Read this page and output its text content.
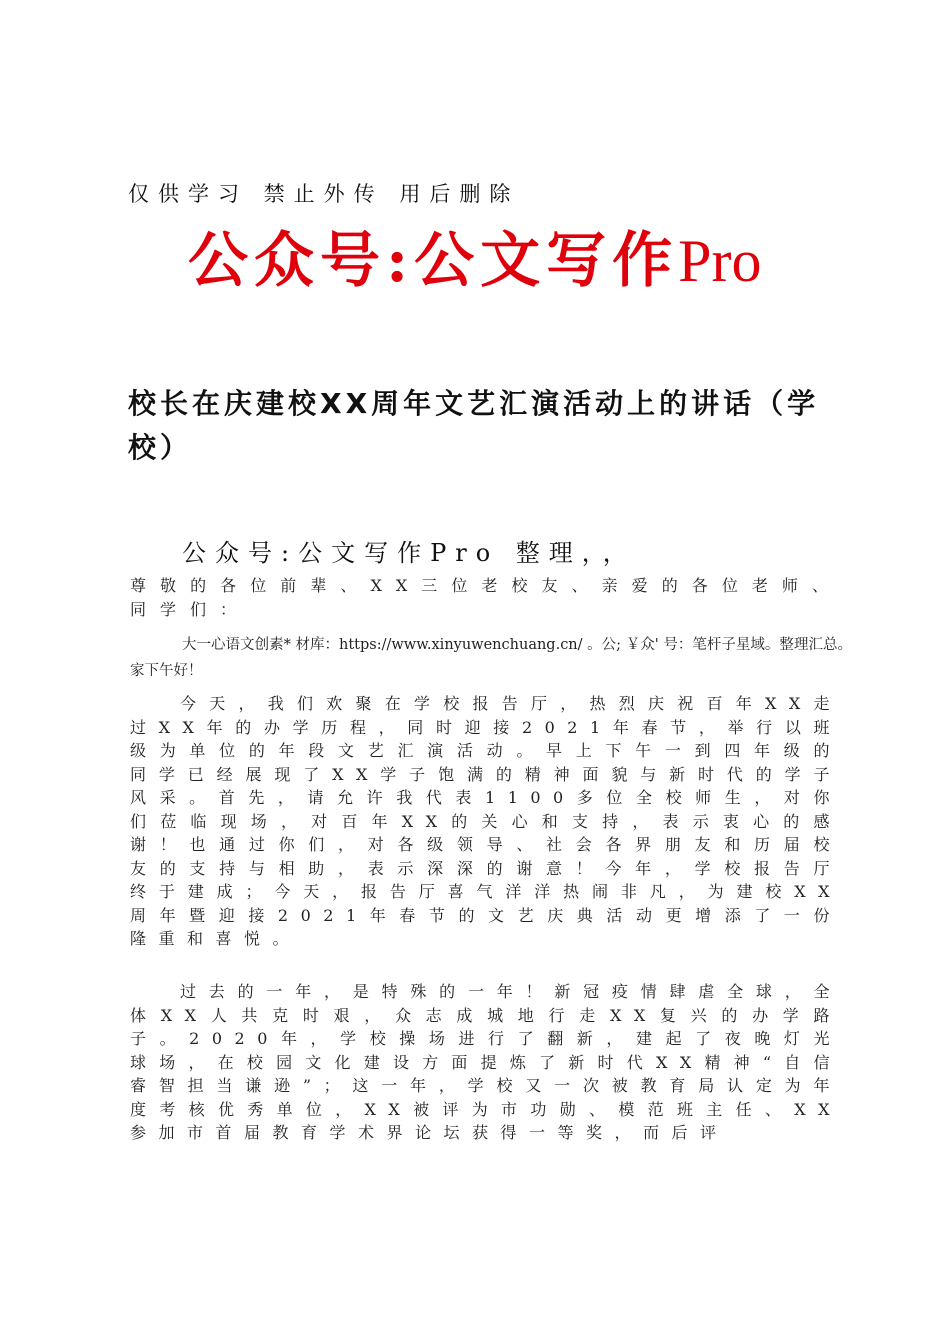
仅供学习 禁止外传 用后删除
公众号:公文写作Pro
校长在庆建校XX周年文艺汇演活动上的讲话（学校）
公众号:公文写作Pro 整理，，
尊敬的各位前辈、XX三位老校友、亲爱的各位老师、同学们：
大一心语文创素* 材库：https://www.xinyuwenchuang.cn/ 。公; ￥众' 号：笔杆子星域。整理汇总。家下午好！
今天，我们欢聚在学校报告厅，热烈庆祝百年XX走过XX年的办学历程，同时迎接2021年春节，举行以班级为单位的年段文艺汇演活动。早上下午一到四年级的同学已经展现了XX学子饱满的精神面貌与新时代的学子风采。首先，请允许我代表1100多位全校师生，对你们莅临现场，对百年XX的关心和支持，表示衷心的感谢！也通过你们，对各级领导、社会各界朋友和历届校友的支持与相助，表示深深的谢意！今年，学校报告厅终于建成；今天，报告厅喜气洋洋热闹非凡，为建校XX周年暨迎接2021年春节的文艺庆典活动更增添了一份隆重和喜悦。
过去的一年，是特殊的一年！新冠疫情肆虐全球，全体XX人共克时艰，众志成城地行走XX复兴的办学路子。2020年，学校操场进行了翻新，建起了夜晚灯光球场，在校园文化建设方面提炼了新时代XX精神“自信睿智担当谦逊”；这一年，学校又一次被教育局认定为年度考核优秀单位，XX被评为市功勋、模范班主任、XX参加市首届教育学术界论坛获得一等奖，而后评
